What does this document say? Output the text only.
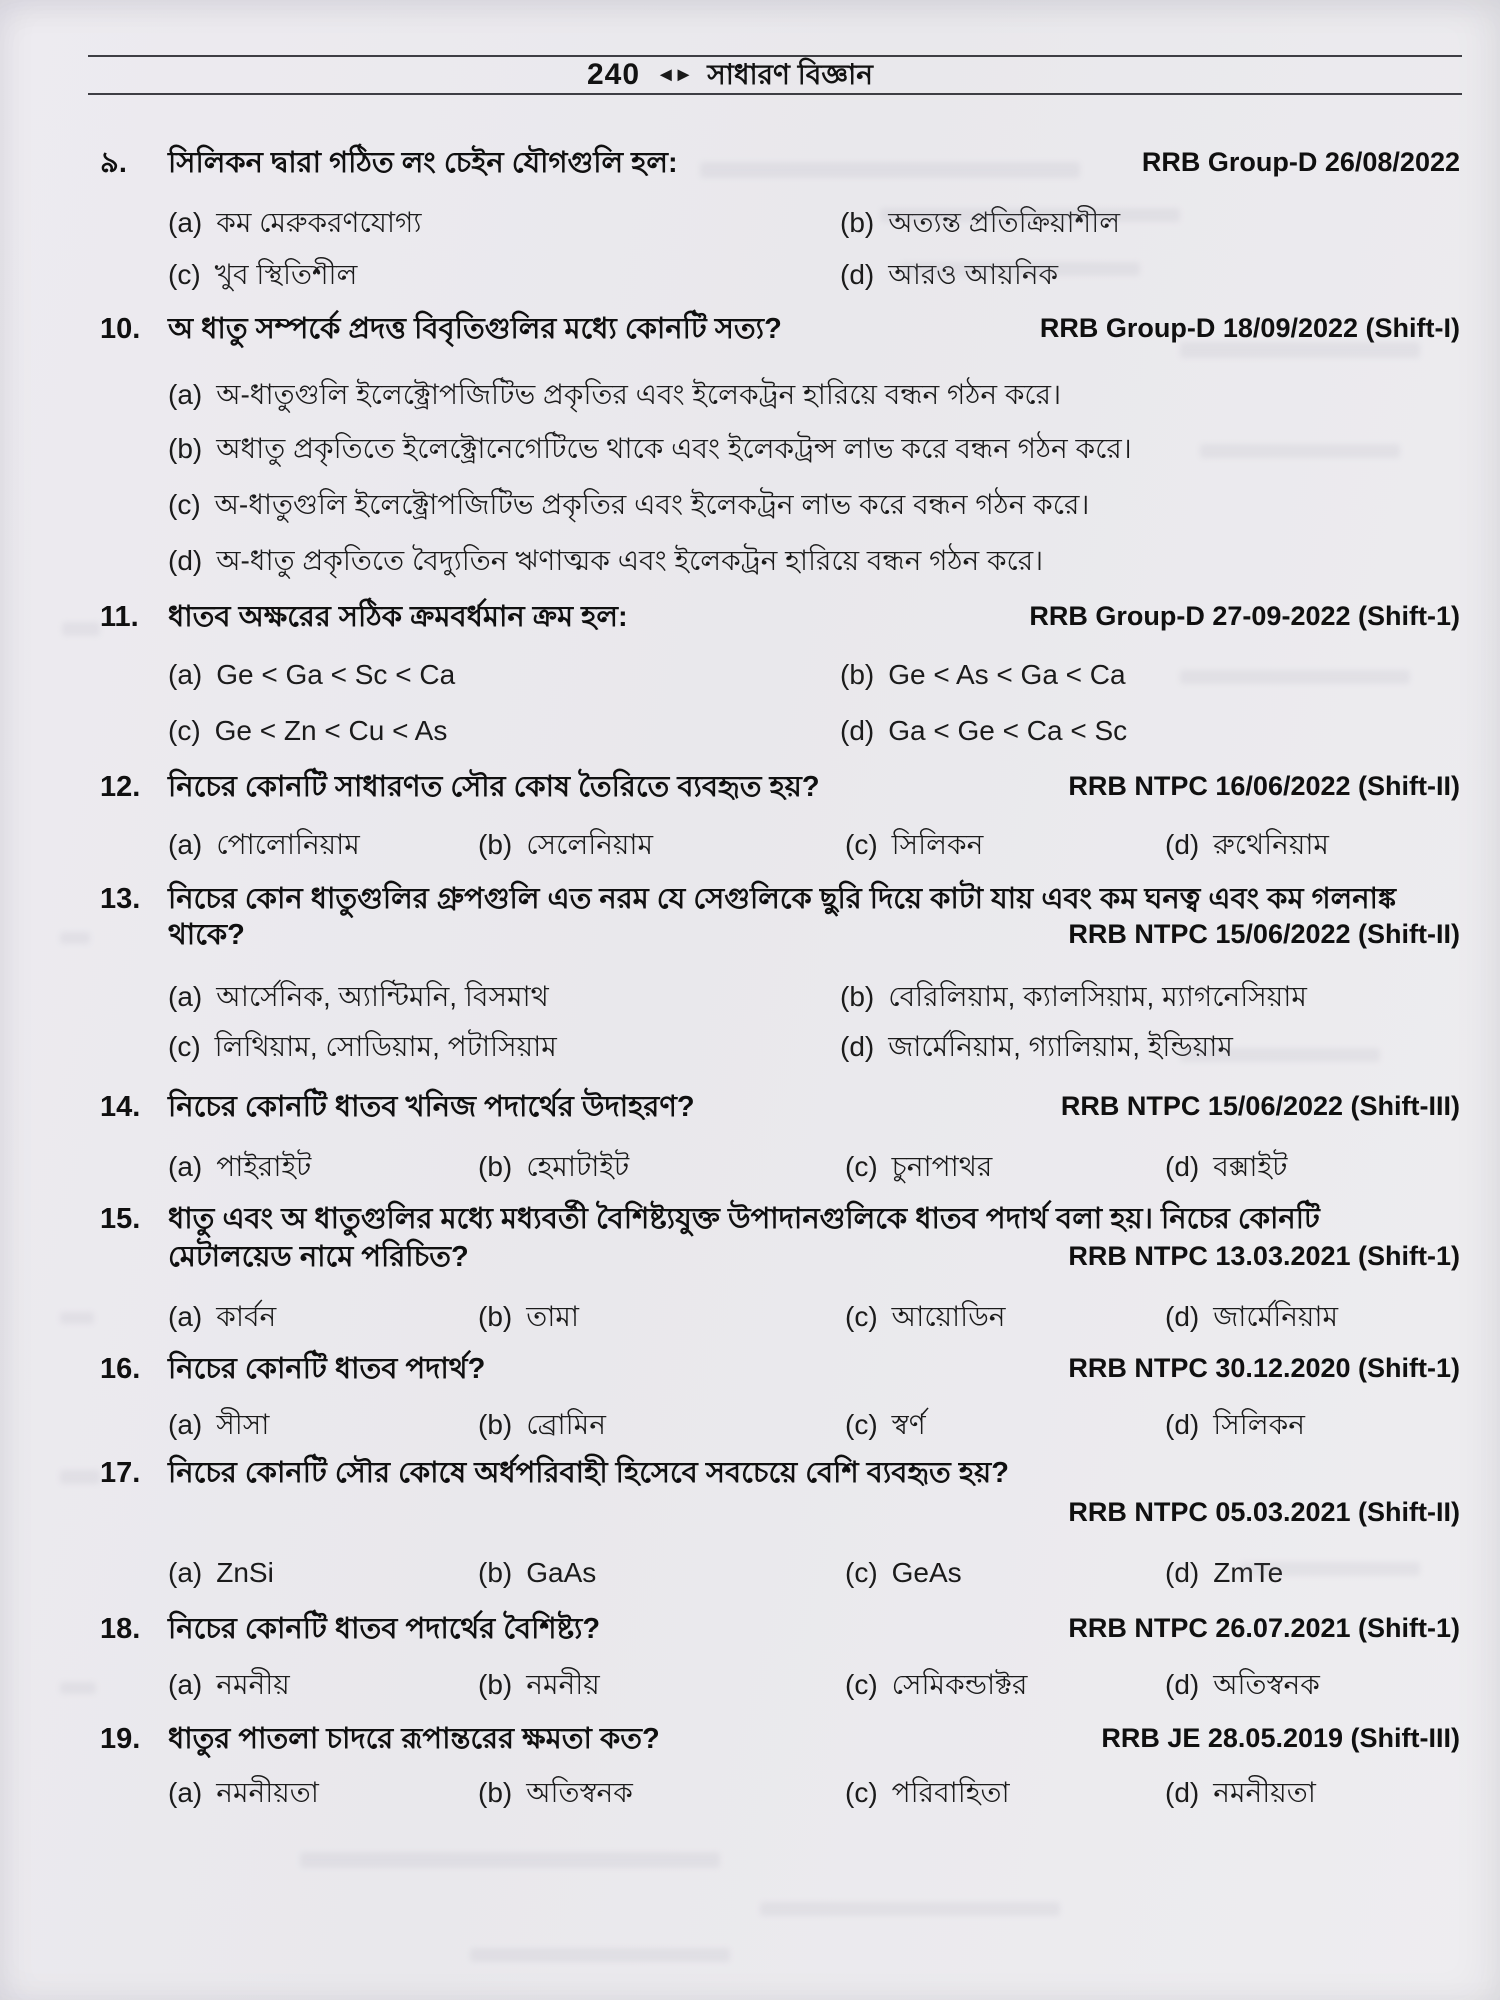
240 ◄► সাধারণ বিজ্ঞান
৯.	সিলিকন দ্বারা গঠিত লং চেইন যৌগগুলি হল:	RRB Group-D 26/08/2022
(a) কম মেরুকরণযোগ্য	(b) অত্যন্ত প্রতিক্রিয়াশীল
(c) খুব স্থিতিশীল	(d) আরও আয়নিক
10. অ ধাতু সম্পর্কে প্রদত্ত বিবৃতিগুলির মধ্যে কোনটি সত্য?	RRB Group-D 18/09/2022 (Shift-I)
(a) অ-ধাতুগুলি ইলেক্ট্রোপজিটিভ প্রকৃতির এবং ইলেকট্রন হারিয়ে বন্ধন গঠন করে।
(b) অধাতু প্রকৃতিতে ইলেক্ট্রোনেগেটিভে থাকে এবং ইলেকট্রন্স লাভ করে বন্ধন গঠন করে।
(c) অ-ধাতুগুলি ইলেক্ট্রোপজিটিভ প্রকৃতির এবং ইলেকট্রন লাভ করে বন্ধন গঠন করে।
(d) অ-ধাতু প্রকৃতিতে বৈদ্যুতিন ঋণাত্মক এবং ইলেকট্রন হারিয়ে বন্ধন গঠন করে।
11.	ধাতব অক্ষরের সঠিক ক্রমবর্ধমান ক্রম হল:	RRB Group-D 27-09-2022 (Shift-1)
(a) Ge < Ga < Sc < Ca	(b) Ge < As < Ga < Ca
(c) Ge < Zn < Cu < As	(d) Ga < Ge < Ca < Sc
12. নিচের কোনটি সাধারণত সৌর কোষ তৈরিতে ব্যবহৃত হয়?	RRB NTPC 16/06/2022 (Shift-II)
(a) পোলোনিয়াম	(b) সেলেনিয়াম	(c) সিলিকন	(d) রুথেনিয়াম
13. নিচের কোন ধাতুগুলির গ্রুপগুলি এত নরম যে সেগুলিকে ছুরি দিয়ে কাটা যায় এবং কম ঘনত্ব এবং কম গলনাঙ্ক
থাকে?	RRB NTPC 15/06/2022 (Shift-II)
(a) আর্সেনিক, অ্যান্টিমনি, বিসমাথ	(b) বেরিলিয়াম, ক্যালসিয়াম, ম্যাগনেসিয়াম
(c) লিথিয়াম, সোডিয়াম, পটাসিয়াম	(d) জার্মেনিয়াম, গ্যালিয়াম, ইন্ডিয়াম
14. নিচের কোনটি ধাতব খনিজ পদার্থের উদাহরণ?	RRB NTPC 15/06/2022 (Shift-III)
(a) পাইরাইট	(b) হেমাটাইট	(c) চুনাপাথর	(d) বক্সাইট
15. ধাতু এবং অ ধাতুগুলির মধ্যে মধ্যবর্তী বৈশিষ্ট্যযুক্ত উপাদানগুলিকে ধাতব পদার্থ বলা হয়। নিচের কোনটি
মেটালয়েড নামে পরিচিত?	RRB NTPC 13.03.2021 (Shift-1)
(a) কার্বন	(b) তামা	(c) আয়োডিন	(d) জার্মেনিয়াম
16. নিচের কোনটি ধাতব পদার্থ?	RRB NTPC 30.12.2020 (Shift-1)
(a) সীসা	(b) ব্রোমিন	(c) স্বর্ণ	(d) সিলিকন
17. নিচের কোনটি সৌর কোষে অর্ধপরিবাহী হিসেবে সবচেয়ে বেশি ব্যবহৃত হয়?
RRB NTPC 05.03.2021 (Shift-II)
(a) ZnSi	(b) GaAs	(c) GeAs	(d) ZmTe
18. নিচের কোনটি ধাতব পদার্থের বৈশিষ্ট্য?	RRB NTPC 26.07.2021 (Shift-1)
(a) নমনীয়	(b) নমনীয়	(c) সেমিকন্ডাক্টর	(d) অতিস্বনক
19. ধাতুর পাতলা চাদরে রূপান্তরের ক্ষমতা কত?	RRB JE 28.05.2019 (Shift-III)
(a) নমনীয়তা	(b) অতিস্বনক	(c) পরিবাহিতা	(d) নমনীয়তা
